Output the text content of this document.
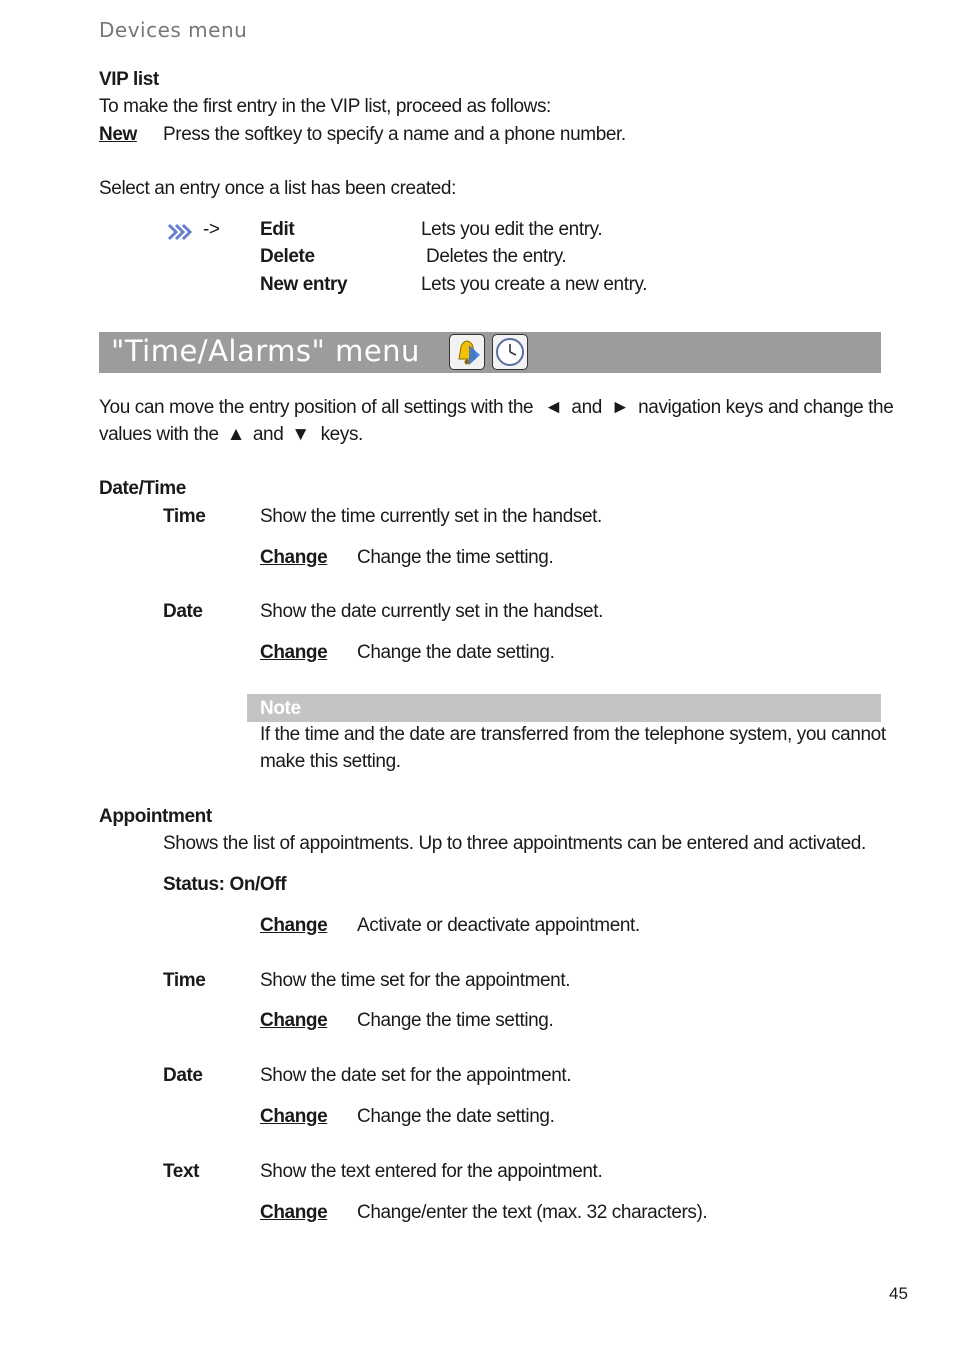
Devices menu
VIP list
To make the first entry in the VIP list, proceed as follows:
New Press the softkey to specify a name and a phone number.
Select an entry once a list has been created:
-> Edit	Lets you edit the entry.
Delete	Deletes the entry.
New entry	Lets you create a new entry.
"Time/Alarms" menu
You can move the entry position of all settings with the ◄ and ► navigation keys and change the
values with the ▲ and ▼ keys.
Date/Time
Time	Show the time currently set in the handset.
Change Change the time setting.
Date	Show the date currently set in the handset.
Change Change the date setting.
Note
If the time and the date are transferred from the telephone system, you cannot
make this setting.
Appointment
Shows the list of appointments. Up to three appointments can be entered and activated.
Status: On/Off
Change Activate or deactivate appointment.
Time	Show the time set for the appointment.
Change Change the time setting.
Date	Show the date set for the appointment.
Change Change the date setting.
Text	Show the text entered for the appointment.
Change Change/enter the text (max. 32 characters).
45
